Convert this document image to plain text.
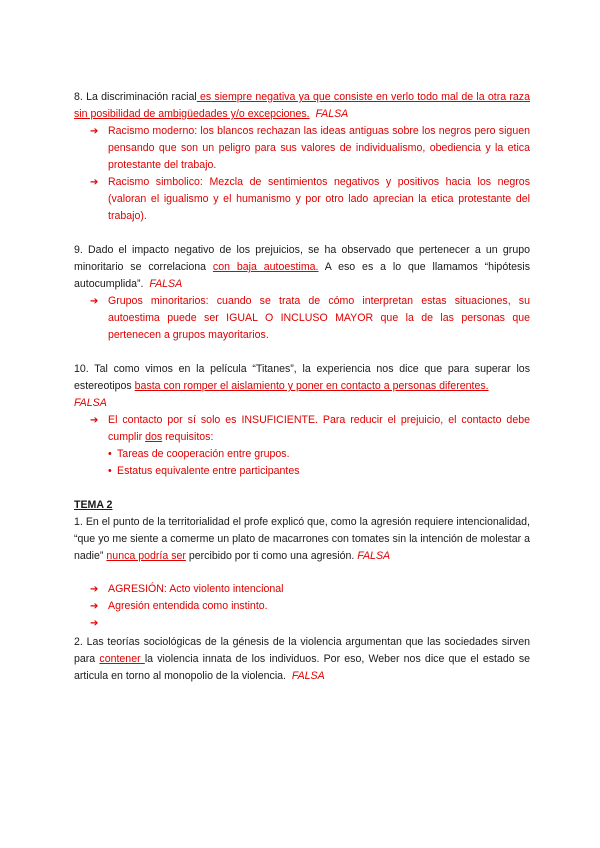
8. La discriminación racial es siempre negativa ya que consiste en verlo todo mal de la otra raza sin posibilidad de ambigüedades y/o excepciones. FALSA

➔ Racismo moderno: los blancos rechazan las ideas antiguas sobre los negros pero siguen pensando que son un peligro para sus valores de individualismo, obediencia y la etica protestante del trabajo.

➔ Racismo simbolico: Mezcla de sentimientos negativos y positivos hacia los negros (valoran el igualismo y el humanismo y por otro lado aprecian la etica protestante del trabajo).

9. Dado el impacto negativo de los prejuicios, se ha observado que pertenecer a un grupo minoritario se correlaciona con baja autoestima. A eso es a lo que llamamos “hipótesis autocumplida”. FALSA

➔ Grupos minoritarios: cuando se trata de cómo interpretan estas situaciones, su autoestima puede ser IGUAL O INCLUSO MAYOR que la de las personas que pertenecen a grupos mayoritarios.

10. Tal como vimos en la película “Titanes”, la experiencia nos dice que para superar los estereotipos basta con romper el aislamiento y poner en contacto a personas diferentes.
FALSA

➔ El contacto por sí solo es INSUFICIENTE. Para reducir el prejuicio, el contacto debe cumplir dos requisitos:

• Tareas de cooperación entre grupos.

• Estatus equivalente entre participantes

TEMA 2

1. En el punto de la territorialidad el profe explicó que, como la agresión requiere intencionalidad, “que yo me siente a comerme un plato de macarrones con tomates sin la intención de molestar a nadie” nunca podría ser percibido por ti como una agresión. FALSA

➔ AGRESIÓN: Acto violento intencional

➔ Agresión entendida como instinto.

➔

2. Las teorías sociológicas de la génesis de la violencia argumentan que las sociedades sirven para contener la violencia innata de los individuos. Por eso, Weber nos dice que el estado se articula en torno al monopolio de la violencia. FALSA
